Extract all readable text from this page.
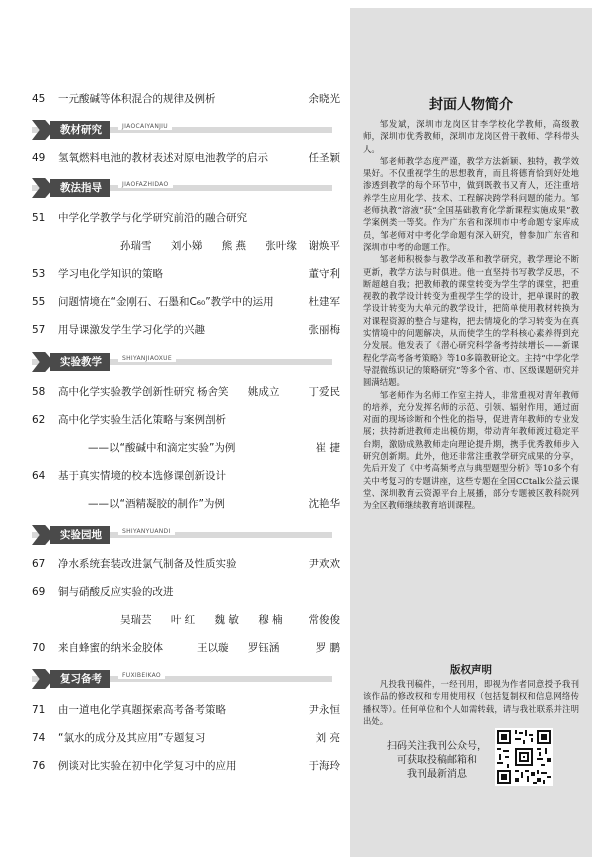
45	一元酸碱等体积混合的规律及例析	余晓光
教材研究	JIAOCAIYANJIU
49	氢氧燃料电池的教材表述对原电池教学的启示	任圣颖
教法指导	JIAOFAZHIDAO
51	中学化学教学与化学研究前沿的融合研究
孙瑞雪 刘小娣 熊 燕 张叶缘	谢焕平
53	学习电化学知识的策略	董守利
55	问题情境在“金刚石、石墨和C₆₀”教学中的运用	杜建军
57	用导课激发学生学习化学的兴趣	张丽梅
实验教学	SHIYANJIAOXUE
58	高中化学实验教学创新性研究 杨舍笑 姚成立	丁爱民
62	高中化学实验生活化策略与案例剖析
——以“酸碱中和滴定实验”为例	崔 捷
64	基于真实情境的校本选修课创新设计
——以“酒精凝胶的制作”为例	沈艳华
实验园地	SHIYANYUANDI
67	净水系统套装改进氯气制备及性质实验	尹欢欢
69	铜与硝酸反应实验的改进
吴瑞芸 叶 红 魏 敏 穆 楠	常俊俊
70	来自蜂蜜的纳米金胶体	王以璇 罗钰涵	罗 鹏
复习备考	FUXIBEIKAO
71	由一道电化学真题探索高考备考策略	尹永恒
74	“氯水的成分及其应用”专题复习	刘 亮
76	例谈对比实验在初中化学复习中的应用	于海玲
封面人物简介

邹发斌，深圳市龙岗区甘李学校化学教师，高级教师，深圳市优秀教师，深圳市龙岗区骨干教师、学科带头人。

邹老师教学态度严谨，教学方法新颖、独特，教学效果好。不仅重视学生的思想教育，而且将德育恰到好处地渗透到教学的每个环节中，做到既教书又育人，还注重培养学生应用化学、技术、工程解决跨学科问题的能力。邹老师执教“溶液”获“全国基础教育化学新课程实施成果”教学案例类一等奖。作为广东省和深圳市中考命题专家库成员，邹老师对中考化学命题有深入研究，曾参加广东省和深圳市中考的命题工作。

邹老师积极参与教学改革和教学研究，教学理论不断更新，教学方法与时俱进。他一直坚持书写教学反思，不断超越自我；把教师教的课堂转变为学生学的课堂，把重视教的教学设计转变为重视学生学的设计，把单课时的教学设计转变为大单元的教学设计，把简单使用教材转换为对课程资源的整合与建构，把去情境化的学习转变为在真实情境中的问题解决，从而使学生的学科核心素养得到充分发展。他发表了《潜心研究科学备考持续增长——新课程化学高考备考策略》等10多篇教研论文。主持“中学化学导混微练识记的策略研究”等多个省、市、区级课题研究并圆满结题。

邹老师作为名师工作室主持人，非常重视对青年教师的培养，充分发挥名师的示范、引领、辐射作用，通过面对面的现场诊断和个性化的指导，促进青年教师的专业发展；扶持新进教师走出模仿期，带动青年教师渡过稳定平台期，激励成熟教师走向理论提升期，携手优秀教师步入研究创新期。此外，他还非常注重教学研究成果的分享，先后开发了《中考高频考点与典型题型分析》等10多个有关中考复习的专题讲座，这些专题在全国CCtalk公益云课堂、深圳教育云资源平台上展播，部分专题被区教科院列为全区教师继续教育培训课程。

版权声明
凡投我刊稿件，一经刊用，即视为作者同意授予我刊该作品的修改权和专用使用权（包括复制权和信息网络传播权等）。任何单位和个人如需转载，请与我社联系并注明出处。
扫码关注我刊公众号，
可获取投稿邮箱和
我刊最新消息
